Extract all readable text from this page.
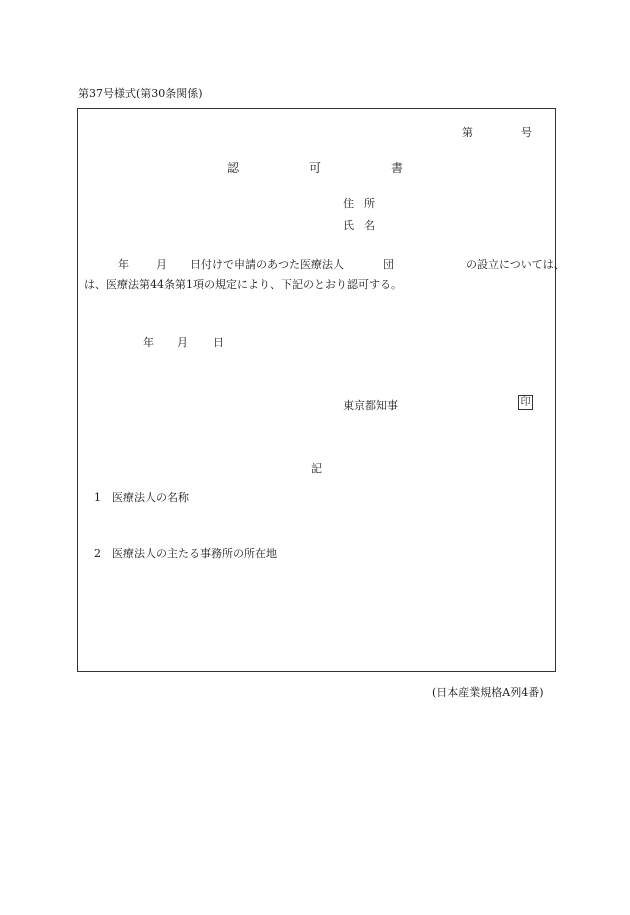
第37号様式(第30条関係)
第	号
認	可	書
住所
氏名
年 月 日付けで申請のあつた医療法人	団	の設立については、
は、医療法第44条第1項の規定により、下記のとおり認可する。
年 月 日
東京都知事	印
記
1　医療法人の名称
2　医療法人の主たる事務所の所在地
(日本産業規格A列4番)
